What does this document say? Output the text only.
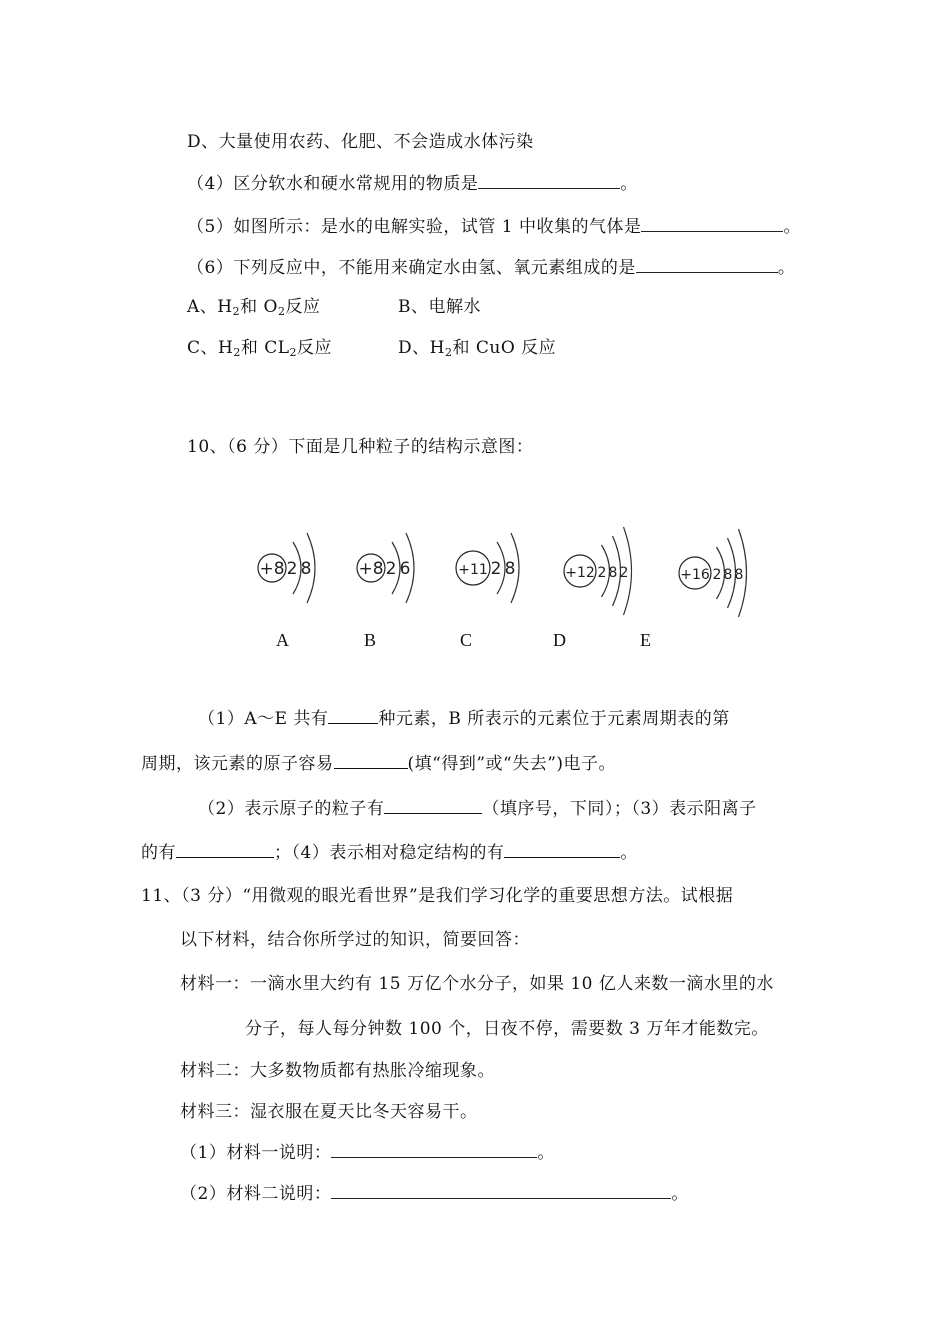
D、大量使用农药、化肥、不会造成水体污染
（4）区分软水和硬水常规用的物质是	。
（5）如图所示：是水的电解实验，试管 1 中收集的气体是	。
（6）下列反应中，不能用来确定水由氢、氧元素组成的是	。
A、$H_2$和 $O_2$反应	B、电解水
C、$H_2$和 $CL_2$反应	D、$H_2$和 CuO 反应
10、（6 分）下面是几种粒子的结构示意图：
+8 2 8	+8 2 6	+11 2 8	+12 2 8 2	+16 2 8 8
A	B	C	D	E
（1）A～E 共有	种元素，B 所表示的元素位于元素周期表的第
周期，该元素的原子容易	(填“得到”或“失去”)电子。
（2）表示原子的粒子有	（填序号，下同）；（3）表示阳离子
的有	；（4）表示相对稳定结构的有	。
11、（3 分）“用微观的眼光看世界”是我们学习化学的重要思想方法。试根据
以下材料，结合你所学过的知识，简要回答：
材料一：一滴水里大约有 15 万亿个水分子，如果 10 亿人来数一滴水里的水
分子，每人每分钟数 100 个，日夜不停，需要数 3 万年才能数完。
材料二：大多数物质都有热胀冷缩现象。
材料三：湿衣服在夏天比冬天容易干。
（1）材料一说明：	。
（2）材料二说明：	。
